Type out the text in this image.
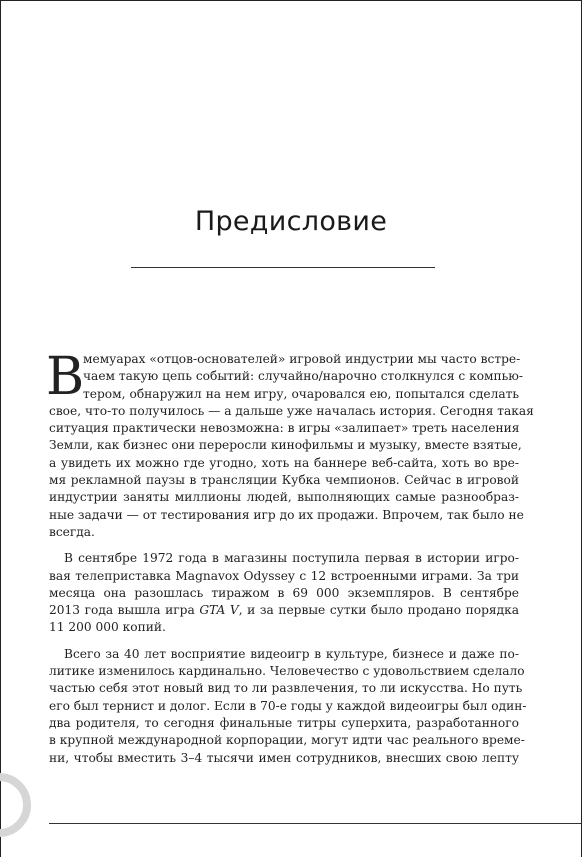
Предисловие
В
мемуарах «отцов-основателей» игровой индустрии мы часто встре-
чаем такую цепь событий: случайно/нарочно столкнулся с компью-
тером, обнаружил на нем игру, очаровался ею, попытался сделать
свое, что-то получилось — а дальше уже началась история. Сегодня такая
ситуация практически невозможна: в игры «залипает» треть населения
Земли, как бизнес они переросли кинофильмы и музыку, вместе взятые,
а увидеть их можно где угодно, хоть на баннере веб-сайта, хоть во вре-
мя рекламной паузы в трансляции Кубка чемпионов. Сейчас в игровой
индустрии заняты миллионы людей, выполняющих самые разнообраз-
ные задачи — от тестирования игр до их продажи. Впрочем, так было не
всегда.
В сентябре 1972 года в магазины поступила первая в истории игро-
вая телеприставка Magnavox Odyssey с 12 встроенными играми. За три
месяца она разошлась тиражом в 69 000 экземпляров. В сентябре
2013 года вышла игра GTA V, и за первые сутки было продано порядка
11 200 000 копий.
Всего за 40 лет восприятие видеоигр в культуре, бизнесе и даже по-
литике изменилось кардинально. Человечество с удовольствием сделало
частью себя этот новый вид то ли развлечения, то ли искусства. Но путь
его был тернист и долог. Если в 70-е годы у каждой видеоигры был один-
два родителя, то сегодня финальные титры суперхита, разработанного
в крупной международной корпорации, могут идти час реального време-
ни, чтобы вместить 3–4 тысячи имен сотрудников, внесших свою лепту
